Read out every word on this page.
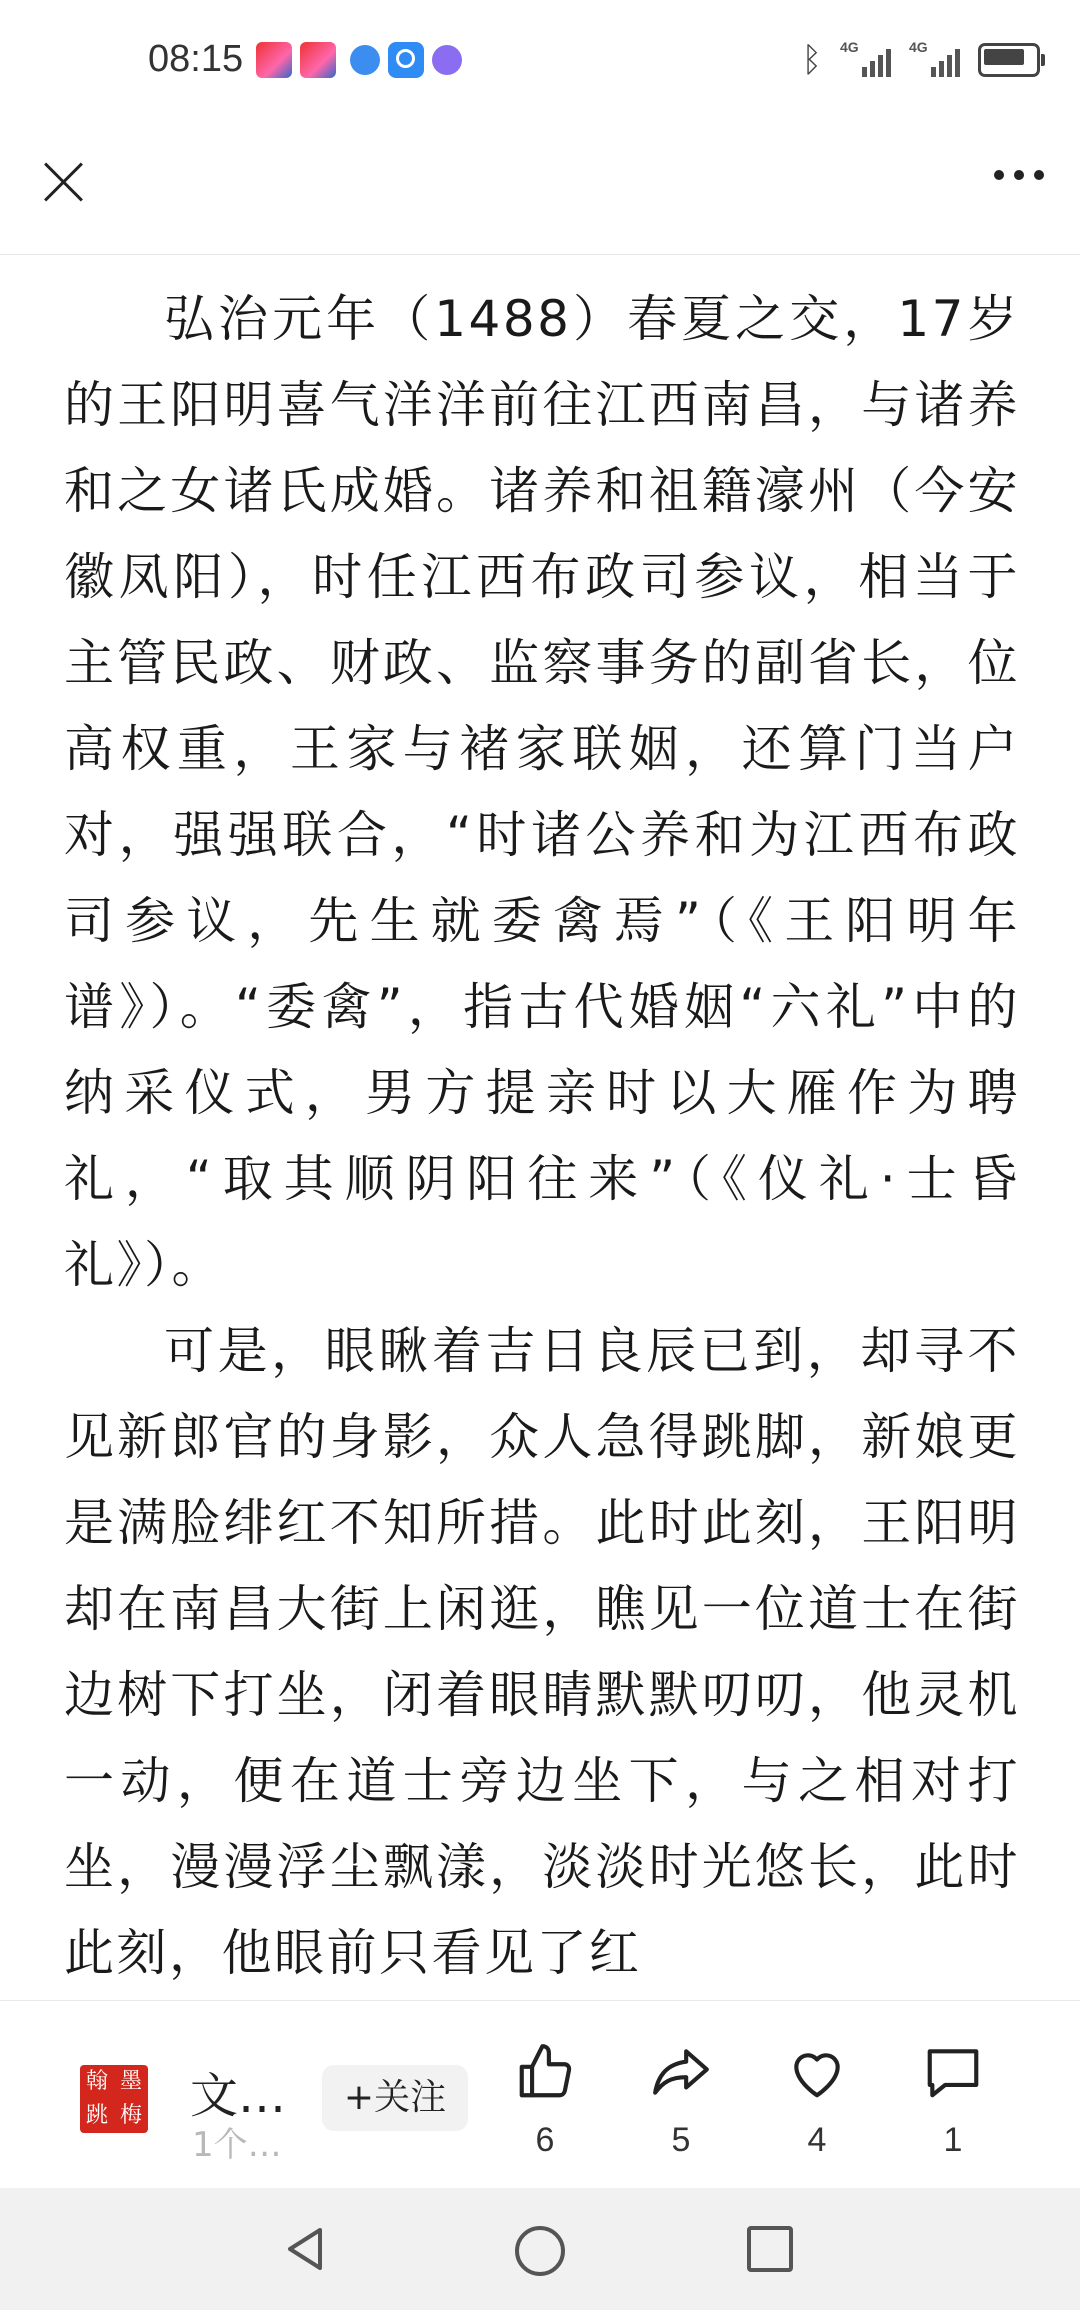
08:15	ᛒ 4G	4G

弘治元年（1488）春夏之交，17岁的王阳明喜气洋洋前往江西南昌，与诸养和之女诸氏成婚。诸养和祖籍濠州（今安徽凤阳），时任江西布政司参议，相当于主管民政、财政、监察事务的副省长，位高权重，王家与褚家联姻，还算门当户对，强强联合，“时诸公养和为江西布政司参议，先生就委禽焉”（《王阳明年谱》）。“委禽”，指古代婚姻“六礼”中的纳采仪式，男方提亲时以大雁作为聘礼，“取其顺阴阳往来”（《仪礼·士昏礼》）。

可是，眼瞅着吉日良辰已到，却寻不见新郎官的身影，众人急得跳脚，新娘更是满脸绯红不知所措。此时此刻，王阳明却在南昌大街上闲逛，瞧见一位道士在街边树下打坐，闭着眼睛默默叨叨，他灵机一动，便在道士旁边坐下，与之相对打坐，漫漫浮尘飘漾，淡淡时光悠长，此时此刻，他眼前只看见了红

翰 墨
跳 梅 文…
1个…
+关注
6	5	4	1
